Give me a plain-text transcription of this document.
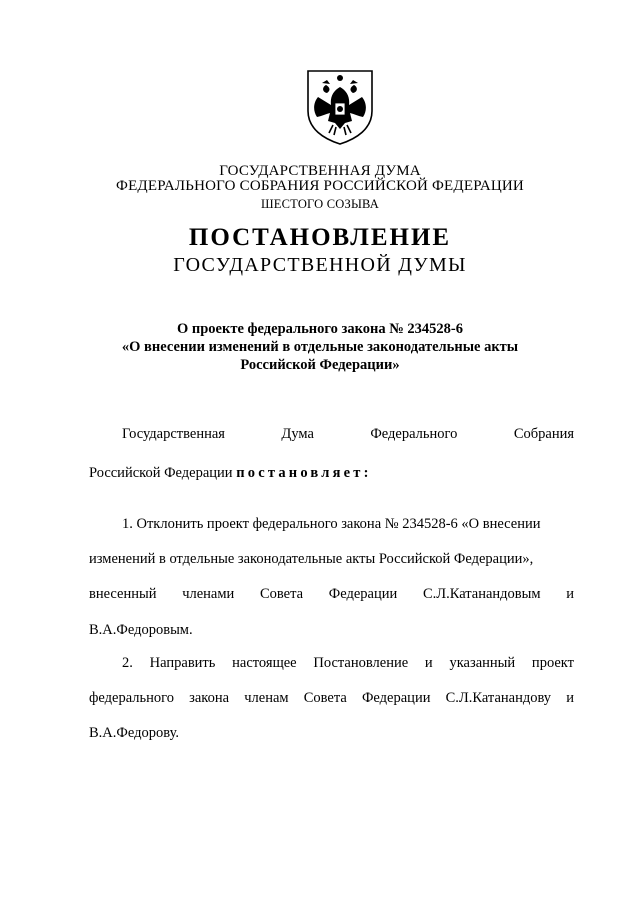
ГОСУДАРСТВЕННАЯ ДУМА
ФЕДЕРАЛЬНОГО СОБРАНИЯ РОССИЙСКОЙ ФЕДЕРАЦИИ
ШЕСТОГО СОЗЫВА
ПОСТАНОВЛЕНИЕ
ГОСУДАРСТВЕННОЙ ДУМЫ
О проекте федерального закона № 234528-6
«О внесении изменений в отдельные законодательные акты
Российской Федерации»
Государственная	Дума	Федерального	Собрания
Российской Федерации постановляет:
1. Отклонить проект федерального закона № 234528-6 «О внесении
изменений в отдельные законодательные акты Российской Федерации»,
внесенный членами Совета Федерации С.Л.Катанандовым и
В.А.Федоровым.
2. Направить настоящее Постановление и указанный проект
федерального закона членам Совета Федерации С.Л.Катанандову и
В.А.Федорову.
